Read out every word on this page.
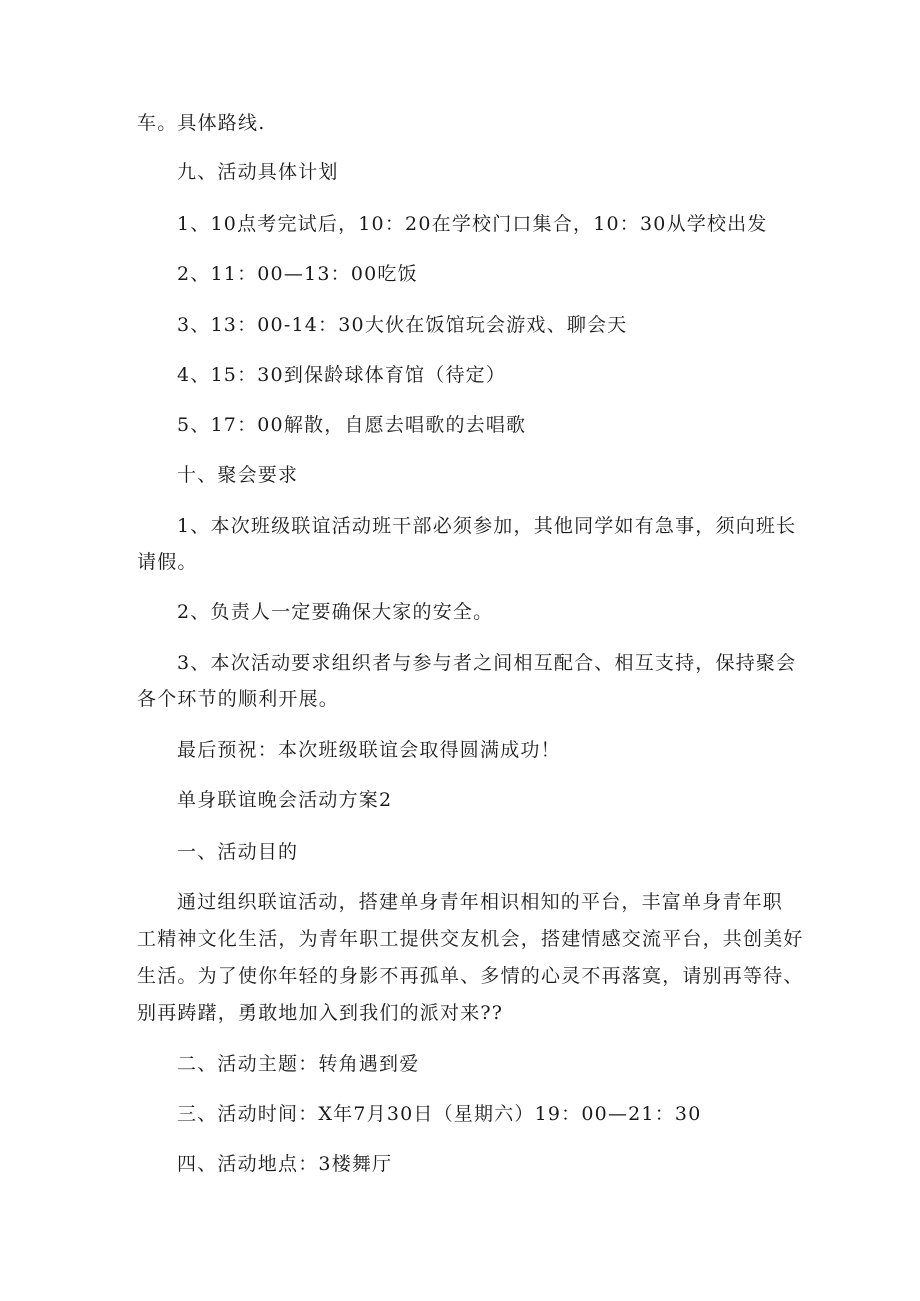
车。具体路线.
九、活动具体计划
1、10点考完试后，10：20在学校门口集合，10：30从学校出发
2、11：00—13：00吃饭
3、13：00-14：30大伙在饭馆玩会游戏、聊会天
4、15：30到保龄球体育馆（待定）
5、17：00解散，自愿去唱歌的去唱歌
十、聚会要求
1、本次班级联谊活动班干部必须参加，其他同学如有急事，须向班长
请假。
2、负责人一定要确保大家的安全。
3、本次活动要求组织者与参与者之间相互配合、相互支持，保持聚会
各个环节的顺利开展。
最后预祝：本次班级联谊会取得圆满成功！
单身联谊晚会活动方案2
一、活动目的
通过组织联谊活动，搭建单身青年相识相知的平台，丰富单身青年职
工精神文化生活，为青年职工提供交友机会，搭建情感交流平台，共创美好
生活。为了使你年轻的身影不再孤单、多情的心灵不再落寞，请别再等待、
别再踌躇，勇敢地加入到我们的派对来??
二、活动主题：转角遇到爱
三、活动时间：X年7月30日（星期六）19：00—21：30
四、活动地点：3楼舞厅
